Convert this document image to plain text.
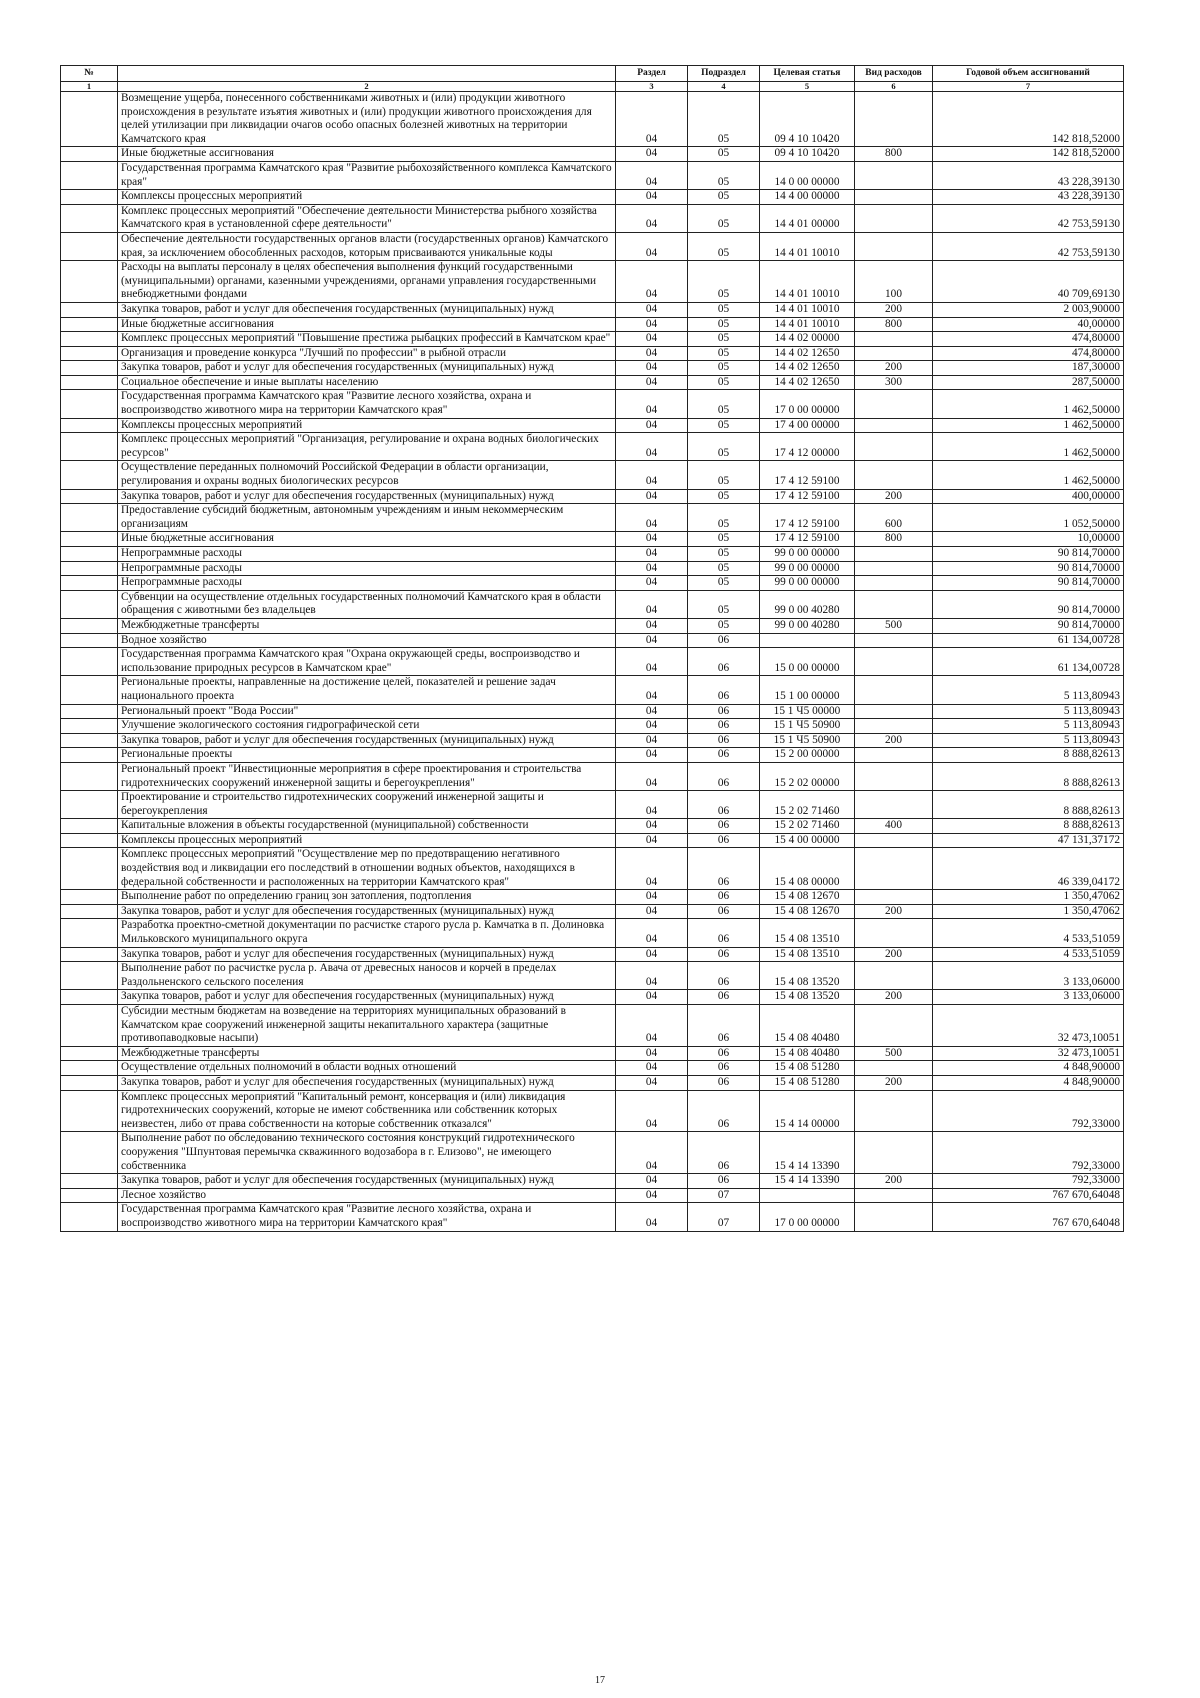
№		Раздел	Подраздел	Целевая статья	Вид расходов	Годовой объем ассигнований
1	2	3	4	5	6	7
	Возмещение ущерба, понесенного собственниками животных и (или) продукции животного происхождения в результате изъятия животных и (или) продукции животного происхождения для целей утилизации при ликвидации очагов особо опасных болезней животных на территории Камчатского края	04	05	09 4 10 10420		142 818,52000
	Иные бюджетные ассигнования	04	05	09 4 10 10420	800	142 818,52000
	Государственная программа Камчатского края "Развитие рыбохозяйственного комплекса Камчатского края"	04	05	14 0 00 00000		43 228,39130
	Комплексы процессных мероприятий	04	05	14 4 00 00000		43 228,39130
	Комплекс процессных мероприятий "Обеспечение деятельности Министерства рыбного хозяйства Камчатского края в установленной сфере деятельности"	04	05	14 4 01 00000		42 753,59130
	Обеспечение деятельности государственных органов власти (государственных органов) Камчатского края, за исключением обособленных расходов, которым присваиваются уникальные коды	04	05	14 4 01 10010		42 753,59130
	Расходы на выплаты персоналу в целях обеспечения выполнения функций государственными (муниципальными) органами, казенными учреждениями, органами управления государственными внебюджетными фондами	04	05	14 4 01 10010	100	40 709,69130
	Закупка товаров, работ и услуг для обеспечения государственных (муниципальных) нужд	04	05	14 4 01 10010	200	2 003,90000
	Иные бюджетные ассигнования	04	05	14 4 01 10010	800	40,00000
	Комплекс процессных мероприятий "Повышение престижа рыбацких профессий в Камчатском крае"	04	05	14 4 02 00000		474,80000
	Организация и проведение конкурса "Лучший по профессии" в рыбной отрасли	04	05	14 4 02 12650		474,80000
	Закупка товаров, работ и услуг для обеспечения государственных (муниципальных) нужд	04	05	14 4 02 12650	200	187,30000
	Социальное обеспечение и иные выплаты населению	04	05	14 4 02 12650	300	287,50000
	Государственная программа Камчатского края "Развитие лесного хозяйства, охрана и воспроизводство животного мира на территории Камчатского края"	04	05	17 0 00 00000		1 462,50000
	Комплексы процессных мероприятий	04	05	17 4 00 00000		1 462,50000
	Комплекс процессных мероприятий "Организация, регулирование и охрана водных биологических ресурсов"	04	05	17 4 12 00000		1 462,50000
	Осуществление переданных полномочий Российской Федерации в области организации, регулирования и охраны водных биологических ресурсов	04	05	17 4 12 59100		1 462,50000
	Закупка товаров, работ и услуг для обеспечения государственных (муниципальных) нужд	04	05	17 4 12 59100	200	400,00000
	Предоставление субсидий бюджетным, автономным учреждениям и иным некоммерческим организациям	04	05	17 4 12 59100	600	1 052,50000
	Иные бюджетные ассигнования	04	05	17 4 12 59100	800	10,00000
	Непрограммные расходы	04	05	99 0 00 00000		90 814,70000
	Непрограммные расходы	04	05	99 0 00 00000		90 814,70000
	Непрограммные расходы	04	05	99 0 00 00000		90 814,70000
	Субвенции на осуществление отдельных государственных полномочий Камчатского края в области обращения с животными без владельцев	04	05	99 0 00 40280		90 814,70000
	Межбюджетные трансферты	04	05	99 0 00 40280	500	90 814,70000
	Водное хозяйство	04	06			61 134,00728
	Государственная программа Камчатского края "Охрана окружающей среды, воспроизводство и использование природных ресурсов в Камчатском крае"	04	06	15 0 00 00000		61 134,00728
	Региональные проекты, направленные на достижение целей, показателей и решение задач национального проекта	04	06	15 1 00 00000		5 113,80943
	Региональный проект "Вода России"	04	06	15 1 Ч5 00000		5 113,80943
	Улучшение экологического состояния гидрографической сети	04	06	15 1 Ч5 50900		5 113,80943
	Закупка товаров, работ и услуг для обеспечения государственных (муниципальных) нужд	04	06	15 1 Ч5 50900	200	5 113,80943
	Региональные проекты	04	06	15 2 00 00000		8 888,82613
	Региональный проект "Инвестиционные мероприятия в сфере проектирования и строительства гидротехнических сооружений инженерной защиты и берегоукрепления"	04	06	15 2 02 00000		8 888,82613
	Проектирование и строительство гидротехнических сооружений инженерной защиты и берегоукрепления	04	06	15 2 02 71460		8 888,82613
	Капитальные вложения в объекты государственной (муниципальной) собственности	04	06	15 2 02 71460	400	8 888,82613
	Комплексы процессных мероприятий	04	06	15 4 00 00000		47 131,37172
	Комплекс процессных мероприятий "Осуществление мер по предотвращению негативного воздействия вод и ликвидации его последствий в отношении водных объектов, находящихся в федеральной собственности и расположенных на территории Камчатского края"	04	06	15 4 08 00000		46 339,04172
	Выполнение работ по определению границ зон затопления, подтопления	04	06	15 4 08 12670		1 350,47062
	Закупка товаров, работ и услуг для обеспечения государственных (муниципальных) нужд	04	06	15 4 08 12670	200	1 350,47062
	Разработка проектно-сметной документации по расчистке старого русла р. Камчатка в п. Долиновка Мильковского муниципального округа	04	06	15 4 08 13510		4 533,51059
	Закупка товаров, работ и услуг для обеспечения государственных (муниципальных) нужд	04	06	15 4 08 13510	200	4 533,51059
	Выполнение работ по расчистке русла р. Авача от древесных наносов и корчей в пределах Раздольненского сельского поселения	04	06	15 4 08 13520		3 133,06000
	Закупка товаров, работ и услуг для обеспечения государственных (муниципальных) нужд	04	06	15 4 08 13520	200	3 133,06000
	Субсидии местным бюджетам на возведение на территориях муниципальных образований в Камчатском крае сооружений инженерной защиты некапитального характера (защитные противопаводковые насыпи)	04	06	15 4 08 40480		32 473,10051
	Межбюджетные трансферты	04	06	15 4 08 40480	500	32 473,10051
	Осуществление отдельных полномочий в области водных отношений	04	06	15 4 08 51280		4 848,90000
	Закупка товаров, работ и услуг для обеспечения государственных (муниципальных) нужд	04	06	15 4 08 51280	200	4 848,90000
	Комплекс процессных мероприятий "Капитальный ремонт, консервация и (или) ликвидация гидротехнических сооружений, которые не имеют собственника или собственник которых неизвестен, либо от права собственности на которые собственник отказался"	04	06	15 4 14 00000		792,33000
	Выполнение работ по обследованию технического состояния конструкций гидротехнического сооружения "Шпунтовая перемычка скважинного водозабора в г. Елизово", не имеющего собственника	04	06	15 4 14 13390		792,33000
	Закупка товаров, работ и услуг для обеспечения государственных (муниципальных) нужд	04	06	15 4 14 13390	200	792,33000
	Лесное хозяйство	04	07			767 670,64048
	Государственная программа Камчатского края "Развитие лесного хозяйства, охрана и воспроизводство животного мира на территории Камчатского края"	04	07	17 0 00 00000		767 670,64048
17
